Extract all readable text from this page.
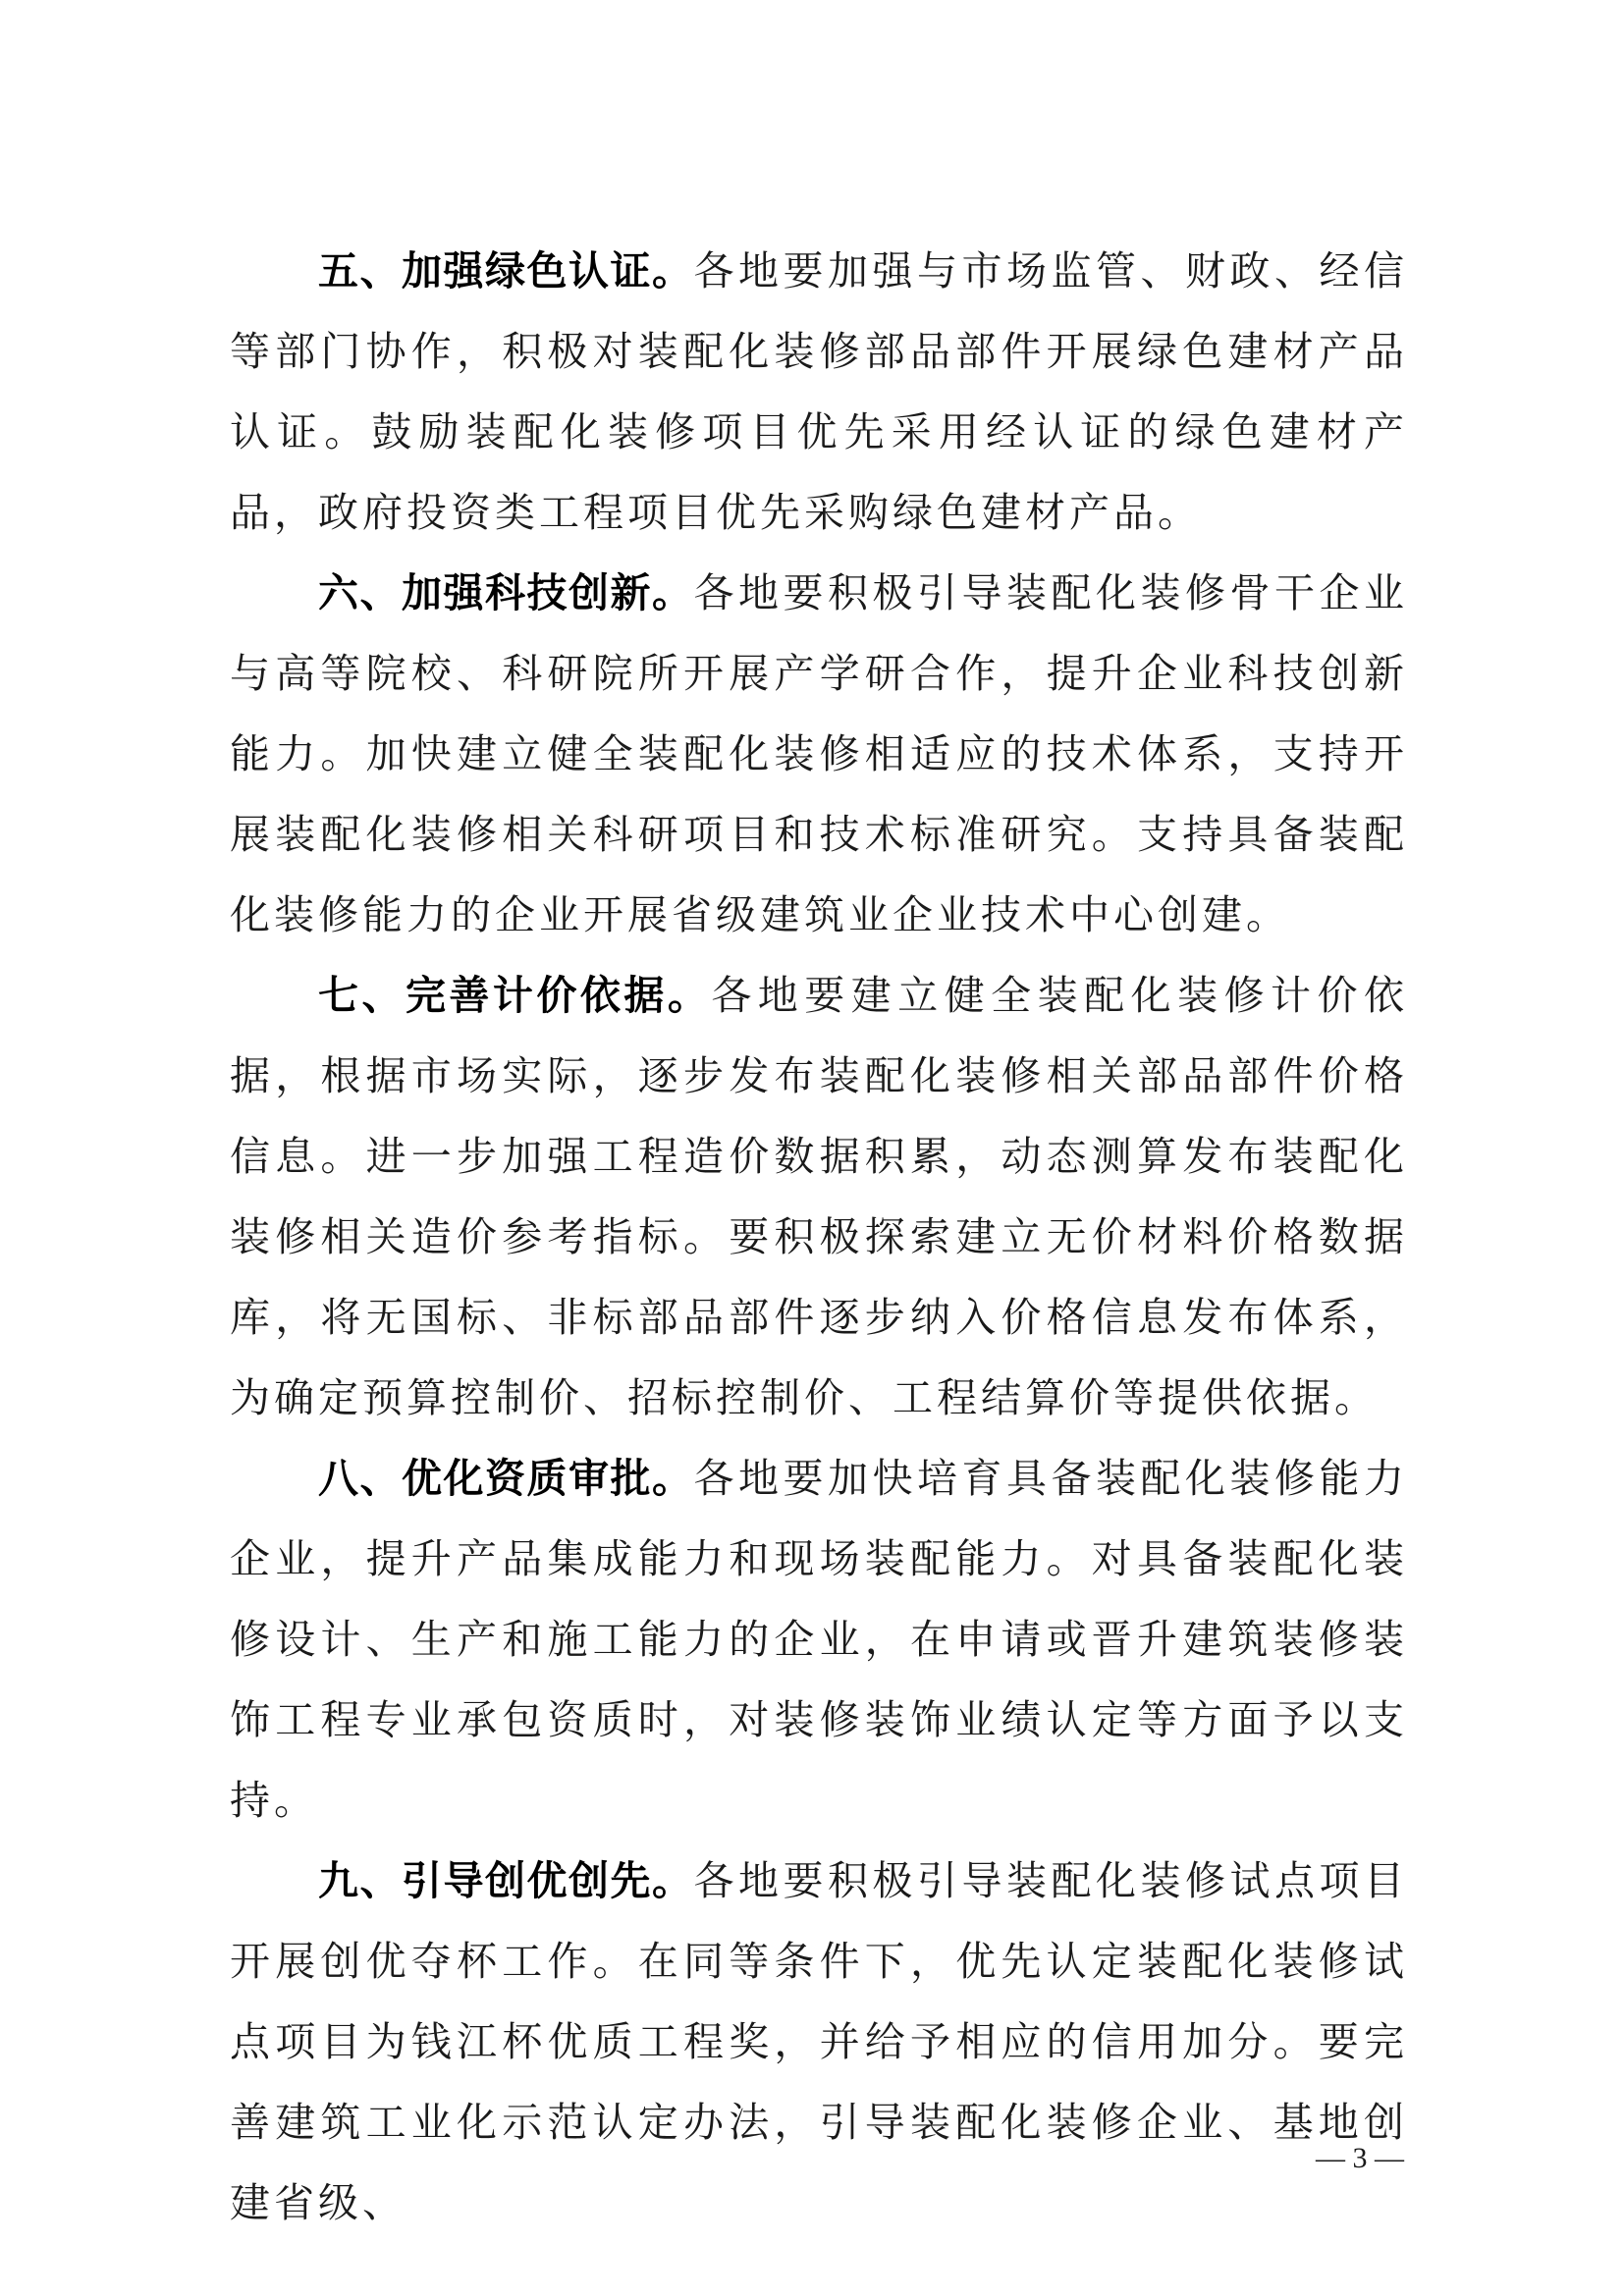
五、加强绿色认证。各地要加强与市场监管、财政、经信等部门协作，积极对装配化装修部品部件开展绿色建材产品认证。鼓励装配化装修项目优先采用经认证的绿色建材产品，政府投资类工程项目优先采购绿色建材产品。

六、加强科技创新。各地要积极引导装配化装修骨干企业与高等院校、科研院所开展产学研合作，提升企业科技创新能力。加快建立健全装配化装修相适应的技术体系，支持开展装配化装修相关科研项目和技术标准研究。支持具备装配化装修能力的企业开展省级建筑业企业技术中心创建。

七、完善计价依据。各地要建立健全装配化装修计价依据，根据市场实际，逐步发布装配化装修相关部品部件价格信息。进一步加强工程造价数据积累，动态测算发布装配化装修相关造价参考指标。要积极探索建立无价材料价格数据库，将无国标、非标部品部件逐步纳入价格信息发布体系，为确定预算控制价、招标控制价、工程结算价等提供依据。

八、优化资质审批。各地要加快培育具备装配化装修能力企业，提升产品集成能力和现场装配能力。对具备装配化装修设计、生产和施工能力的企业，在申请或晋升建筑装修装饰工程专业承包资质时，对装修装饰业绩认定等方面予以支持。

九、引导创优创先。各地要积极引导装配化装修试点项目开展创优夺杯工作。在同等条件下，优先认定装配化装修试点项目为钱江杯优质工程奖，并给予相应的信用加分。要完善建筑工业化示范认定办法，引导装配化装修企业、基地创建省级、

— 3 —
